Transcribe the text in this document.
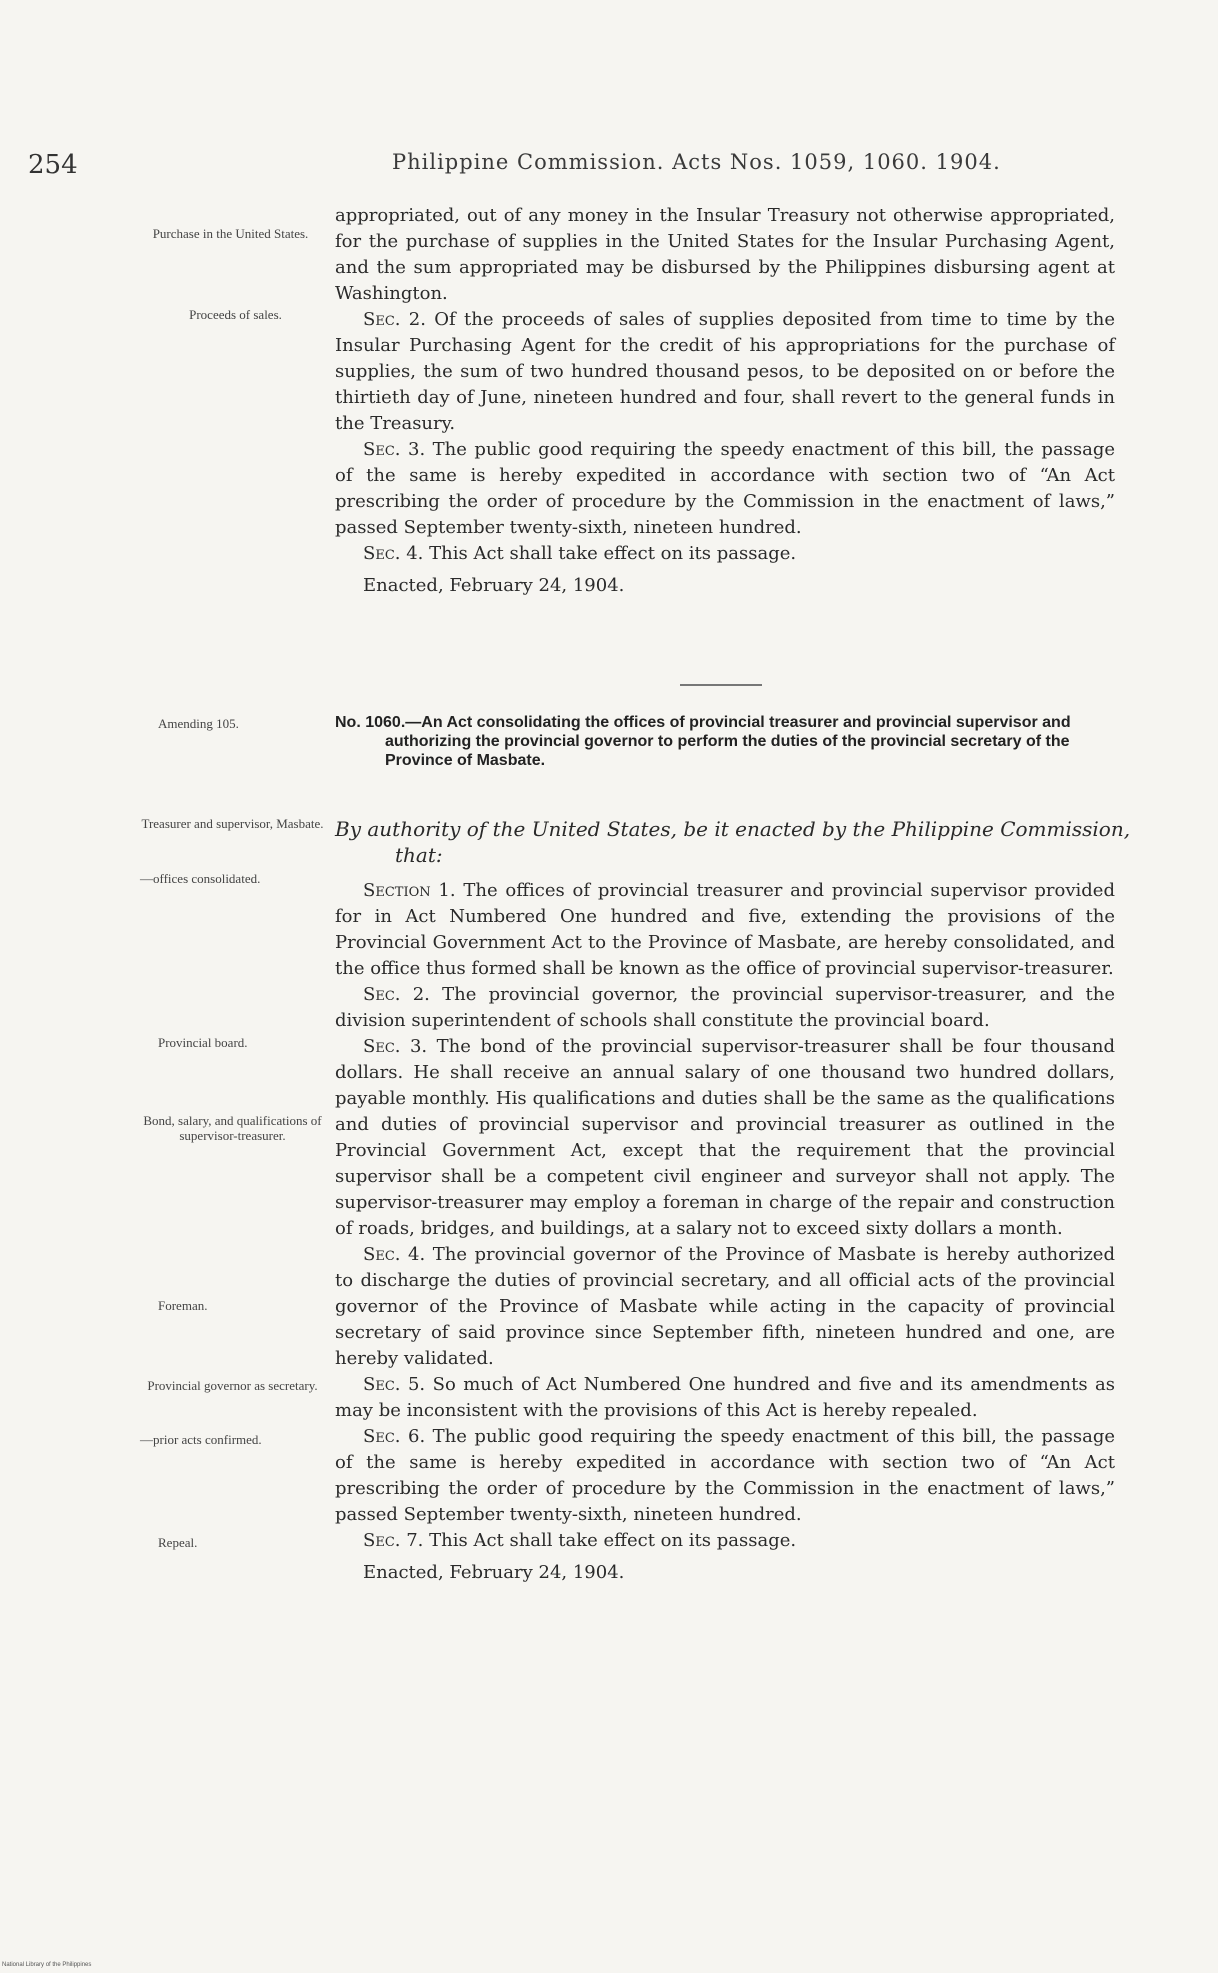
254	Philippine Commission. Acts Nos. 1059, 1060. 1904.
Purchase in the United States.
Proceeds of sales.
Amending 105.
Treasurer and supervisor, Masbate.
—offices consolidated.
Provincial board.
Bond, salary, and qualifications of supervisor-treasurer.
Foreman.
Provincial governor as secretary.
—prior acts confirmed.
Repeal.

appropriated, out of any money in the Insular Treasury not otherwise appropriated, for the purchase of supplies in the United States for the Insular Purchasing Agent, and the sum appropriated may be disbursed by the Philippines disbursing agent at Washington.

Sec. 2. Of the proceeds of sales of supplies deposited from time to time by the Insular Purchasing Agent for the credit of his appropriations for the purchase of supplies, the sum of two hundred thousand pesos, to be deposited on or before the thirtieth day of June, nineteen hundred and four, shall revert to the general funds in the Treasury.

Sec. 3. The public good requiring the speedy enactment of this bill, the passage of the same is hereby expedited in accordance with section two of “An Act prescribing the order of procedure by the Commission in the enactment of laws,” passed September twenty-sixth, nineteen hundred.

Sec. 4. This Act shall take effect on its passage.

Enacted, February 24, 1904.

No. 1060.—An Act consolidating the offices of provincial treasurer and provincial supervisor and authorizing the provincial governor to perform the duties of the provincial secretary of the Province of Masbate.
By authority of the United States, be it enacted by the Philippine Commission, that:

Section 1. The offices of provincial treasurer and provincial supervisor provided for in Act Numbered One hundred and five, extending the provisions of the Provincial Government Act to the Province of Masbate, are hereby consolidated, and the office thus formed shall be known as the office of provincial supervisor-treasurer.

Sec. 2. The provincial governor, the provincial supervisor-treasurer, and the division superintendent of schools shall constitute the provincial board.

Sec. 3. The bond of the provincial supervisor-treasurer shall be four thousand dollars. He shall receive an annual salary of one thousand two hundred dollars, payable monthly. His qualifications and duties shall be the same as the qualifications and duties of provincial supervisor and provincial treasurer as outlined in the Provincial Government Act, except that the requirement that the provincial supervisor shall be a competent civil engineer and surveyor shall not apply. The supervisor-treasurer may employ a foreman in charge of the repair and construction of roads, bridges, and buildings, at a salary not to exceed sixty dollars a month.

Sec. 4. The provincial governor of the Province of Masbate is hereby authorized to discharge the duties of provincial secretary, and all official acts of the provincial governor of the Province of Masbate while acting in the capacity of provincial secretary of said province since September fifth, nineteen hundred and one, are hereby validated.

Sec. 5. So much of Act Numbered One hundred and five and its amendments as may be inconsistent with the provisions of this Act is hereby repealed.

Sec. 6. The public good requiring the speedy enactment of this bill, the passage of the same is hereby expedited in accordance with section two of “An Act prescribing the order of procedure by the Commission in the enactment of laws,” passed September twenty-sixth, nineteen hundred.

Sec. 7. This Act shall take effect on its passage.

Enacted, February 24, 1904.

National Library of the Philippines
